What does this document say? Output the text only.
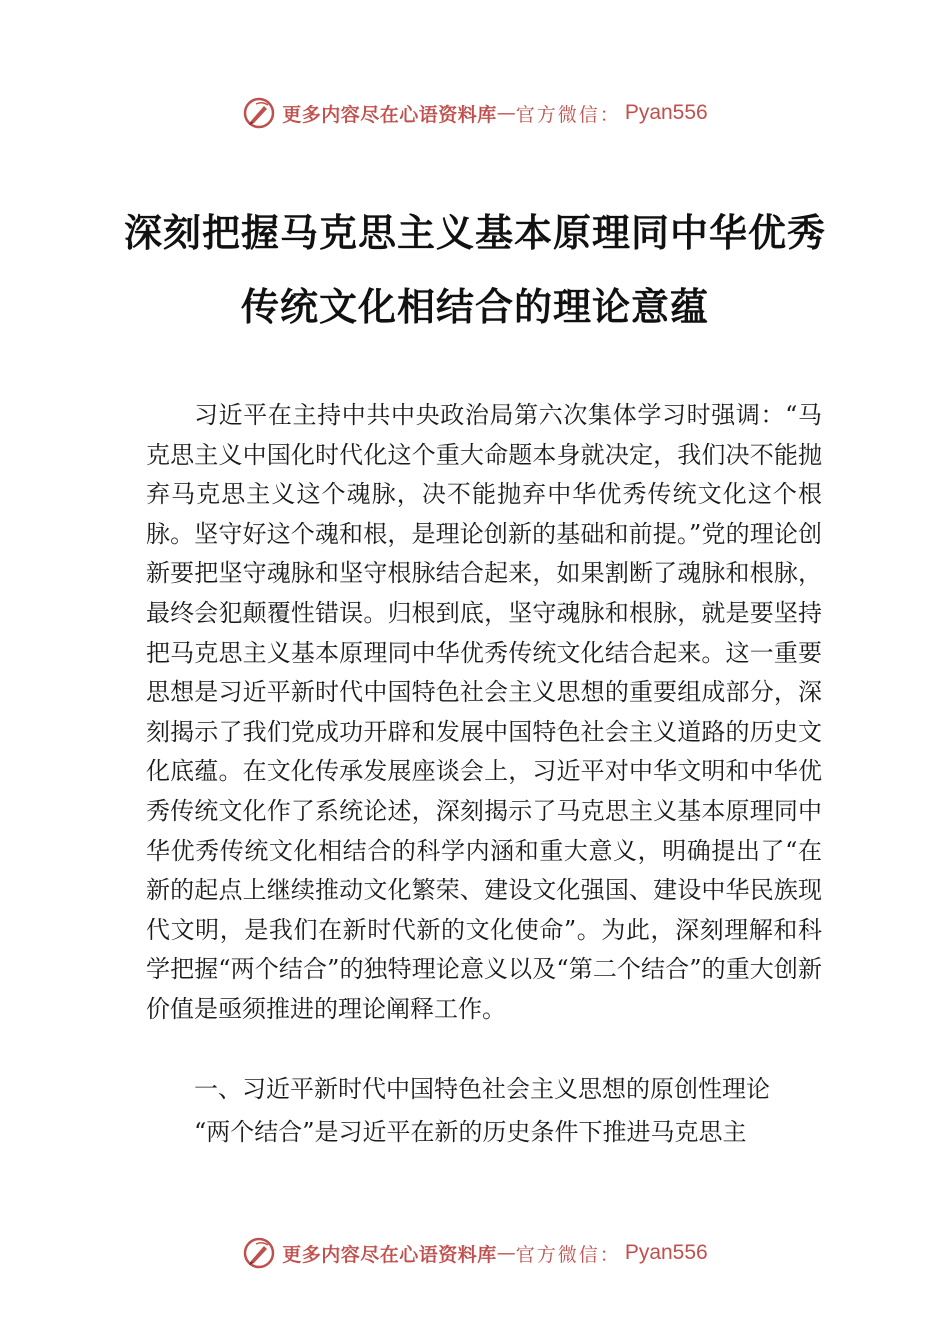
更多内容尽在心语资料库 — 官方微信： Pyan556
深刻把握马克思主义基本原理同中华优秀
传统文化相结合的理论意蕴

习近平在主持中共中央政治局第六次集体学习时强调：“马克思主义中国化时代化这个重大命题本身就决定，我们决不能抛弃马克思主义这个魂脉，决不能抛弃中华优秀传统文化这个根脉。坚守好这个魂和根，是理论创新的基础和前提。”党的理论创新要把坚守魂脉和坚守根脉结合起来，如果割断了魂脉和根脉，最终会犯颠覆性错误。归根到底，坚守魂脉和根脉，就是要坚持把马克思主义基本原理同中华优秀传统文化结合起来。这一重要思想是习近平新时代中国特色社会主义思想的重要组成部分，深刻揭示了我们党成功开辟和发展中国特色社会主义道路的历史文化底蕴。在文化传承发展座谈会上，习近平对中华文明和中华优秀传统文化作了系统论述，深刻揭示了马克思主义基本原理同中华优秀传统文化相结合的科学内涵和重大意义，明确提出了“在新的起点上继续推动文化繁荣、建设文化强国、建设中华民族现代文明，是我们在新时代新的文化使命”。为此，深刻理解和科学把握“两个结合”的独特理论意义以及“第二个结合”的重大创新价值是亟须推进的理论阐释工作。

一、习近平新时代中国特色社会主义思想的原创性理论
“两个结合”是习近平在新的历史条件下推进马克思主
更多内容尽在心语资料库 — 官方微信： Pyan556
